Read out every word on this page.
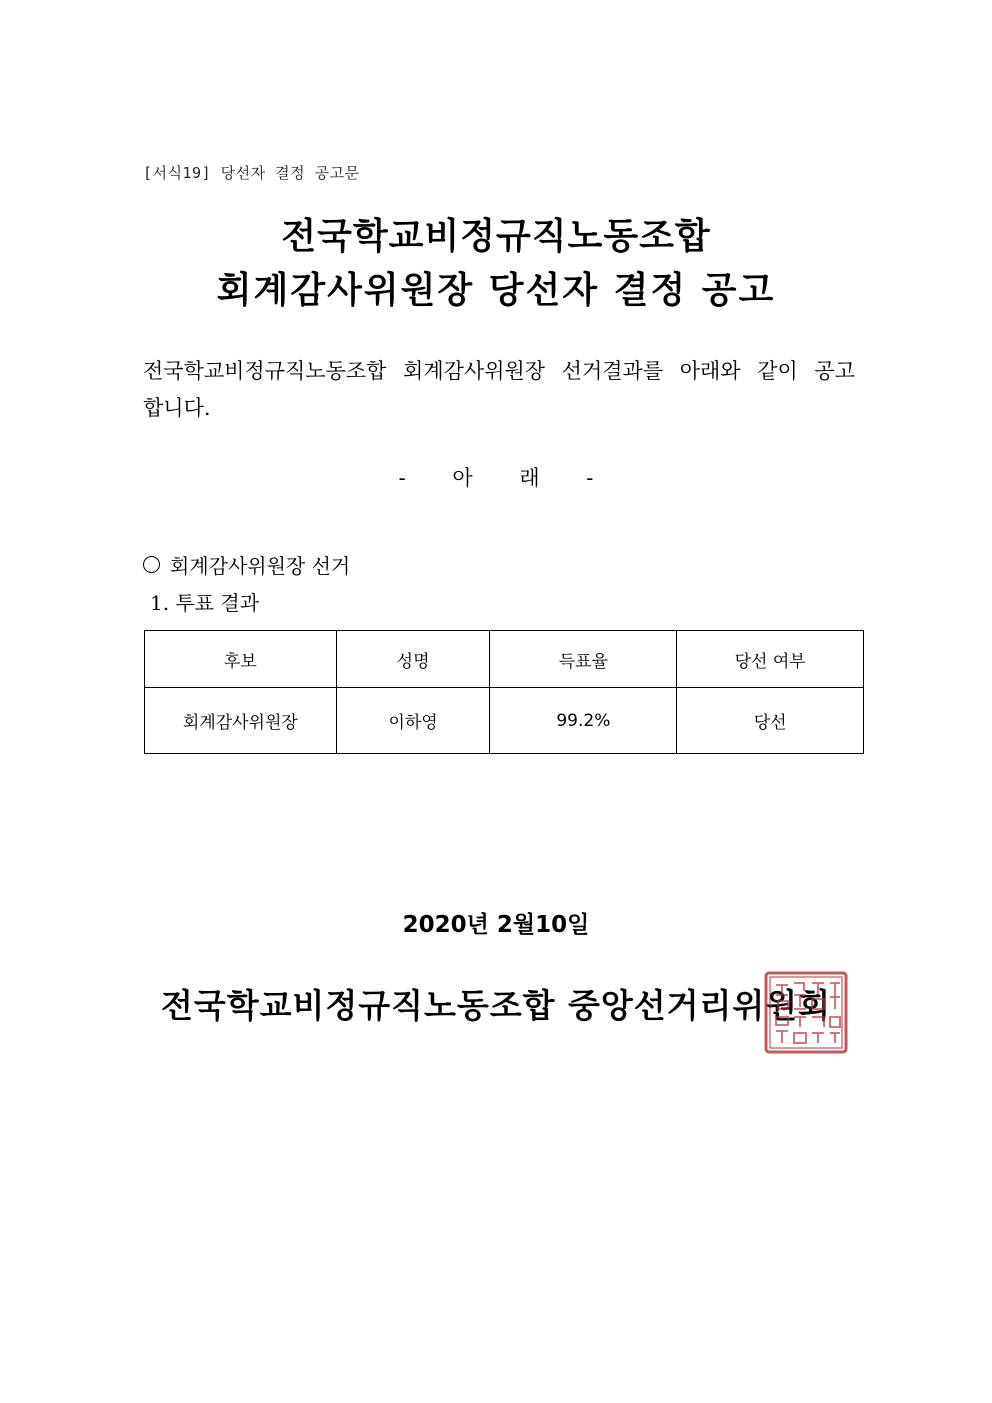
[서식19] 당선자 결정 공고문
전국학교비정규직노동조합
회계감사위원장 당선자 결정 공고
전국학교비정규직노동조합 회계감사위원장 선거결과를 아래와 같이 공고합니다.
- 아 래 -
회계감사위원장 선거
1. 투표 결과
후보	성명	득표율	당선 여부
회계감사위원장	이하영	99.2%	당선
2020년 2월10일
전국학교비정규직노동조합 중앙선거리위원회
